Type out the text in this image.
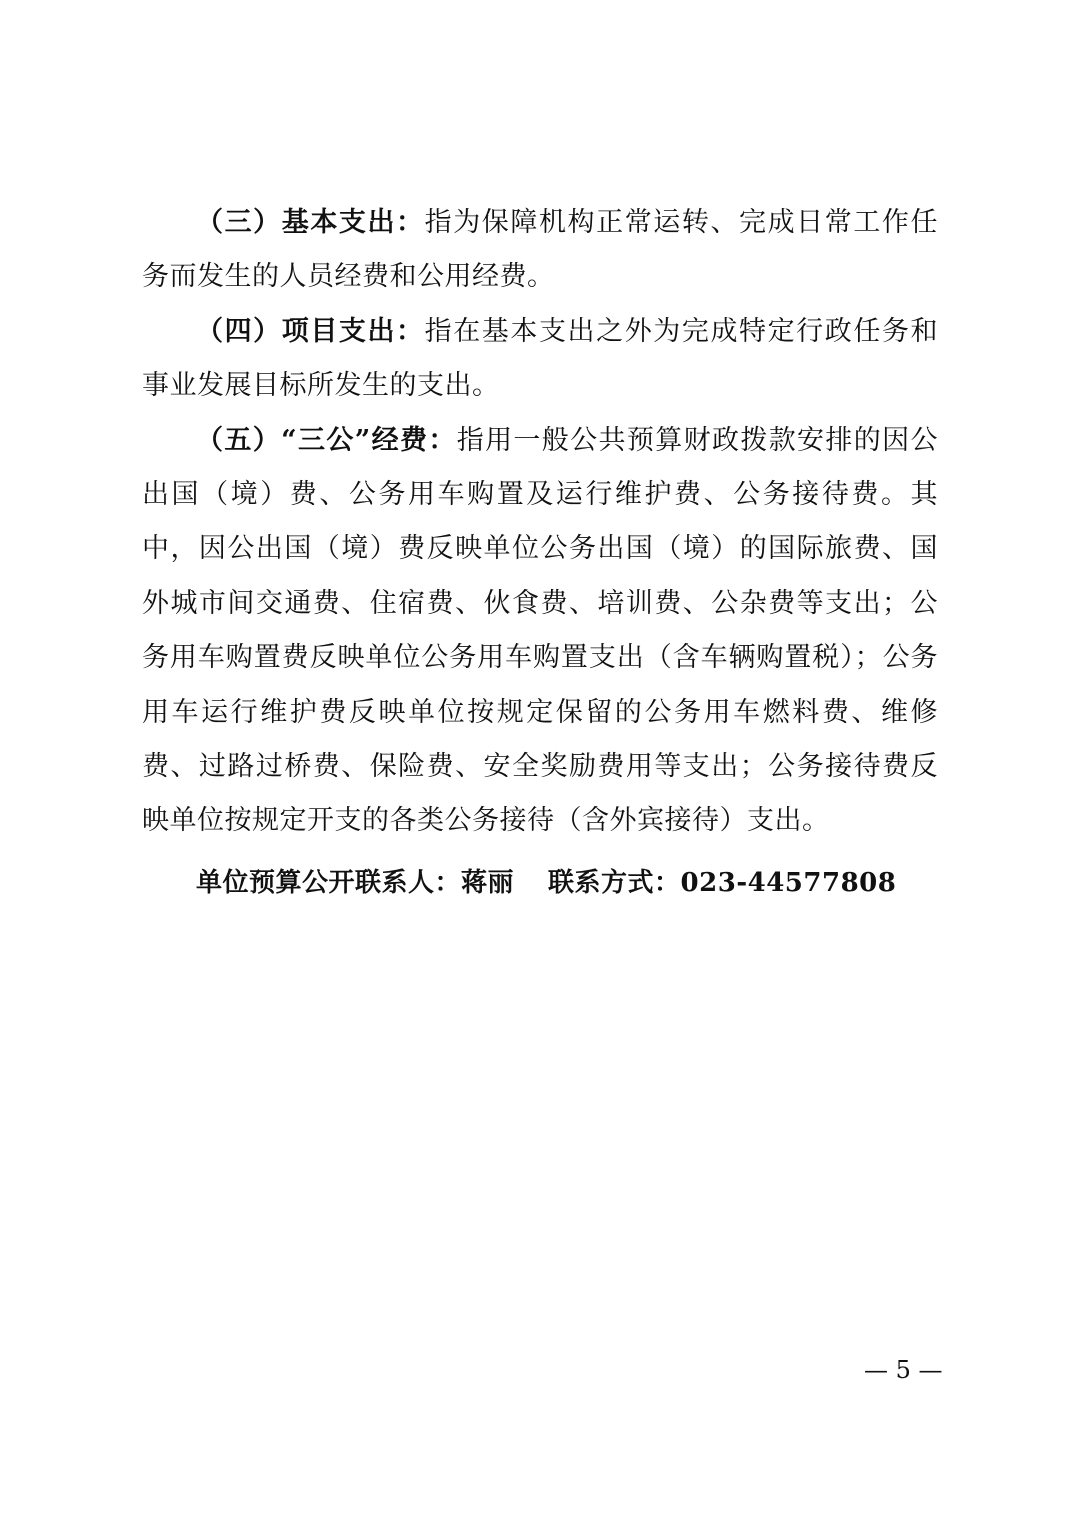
（三）基本支出：指为保障机构正常运转、完成日常工作任务而发生的人员经费和公用经费。

（四）项目支出：指在基本支出之外为完成特定行政任务和事业发展目标所发生的支出。

（五）“三公”经费：指用一般公共预算财政拨款安排的因公出国（境）费、公务用车购置及运行维护费、公务接待费。其中，因公出国（境）费反映单位公务出国（境）的国际旅费、国外城市间交通费、住宿费、伙食费、培训费、公杂费等支出；公务用车购置费反映单位公务用车购置支出（含车辆购置税）；公务用车运行维护费反映单位按规定保留的公务用车燃料费、维修费、过路过桥费、保险费、安全奖励费用等支出；公务接待费反映单位按规定开支的各类公务接待（含外宾接待）支出。

单位预算公开联系人：蒋丽 联系方式：023-44577808
— 5 —
